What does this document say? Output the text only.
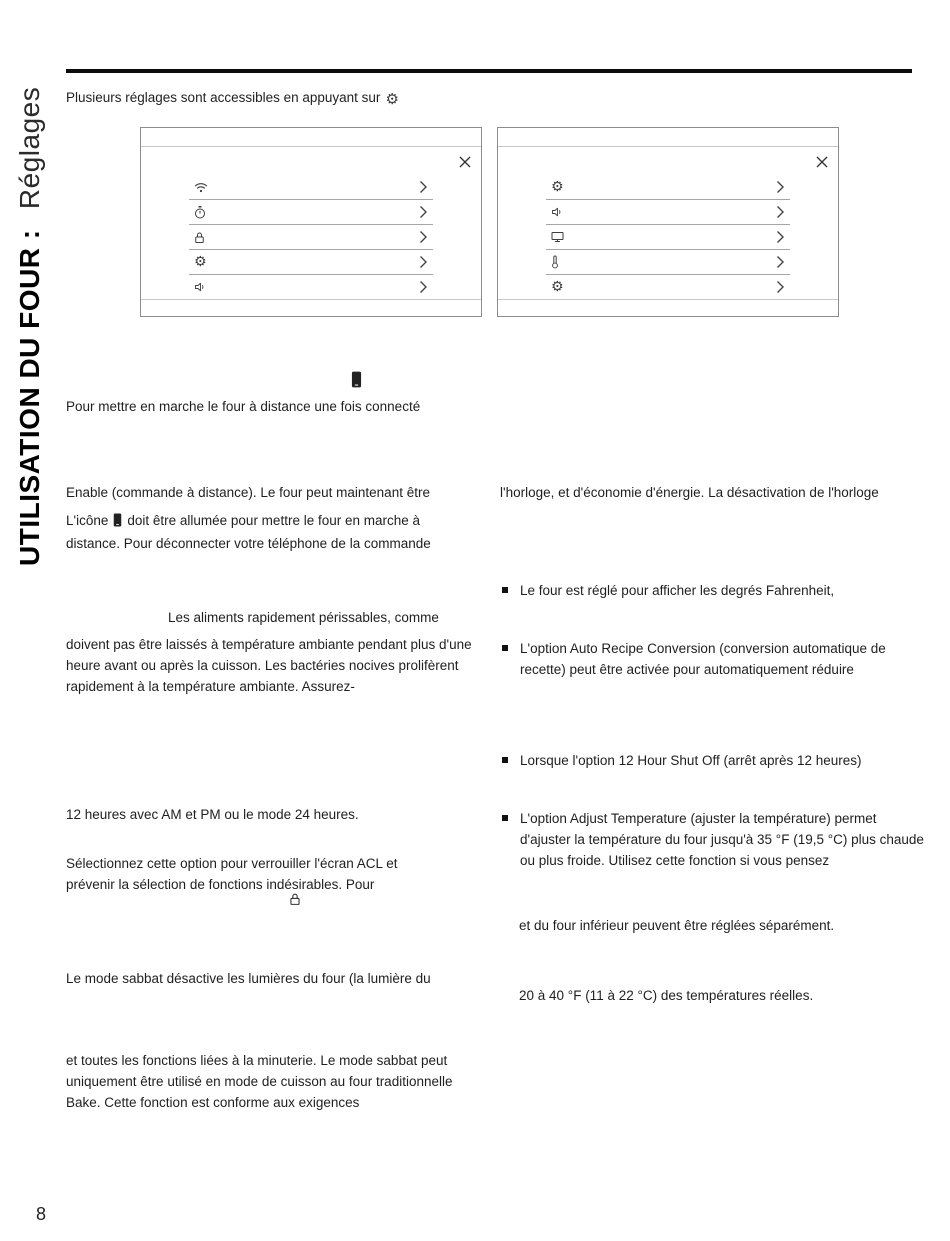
UTILISATION DU FOUR : Réglages Plusieurs réglages sont accessibles en appuyant sur ⚙
⚙
⚙
⚙
Pour mettre en marche le four à distance une fois connecté
Enable (commande à distance). Le four peut maintenant être
L'icône doit être allumée pour mettre le four en marche à distance. Pour déconnecter votre téléphone de la commande
Les aliments rapidement périssables, comme
doivent pas être laissés à température ambiante pendant plus d'une heure avant ou après la cuisson. Les bactéries nocives prolifèrent rapidement à la température ambiante. Assurez-
12 heures avec AM et PM ou le mode 24 heures.
Sélectionnez cette option pour verrouiller l'écran ACL et prévenir la sélection de fonctions indésirables. Pour
Le mode sabbat désactive les lumières du four (la lumière du
et toutes les fonctions liées à la minuterie. Le mode sabbat peut uniquement être utilisé en mode de cuisson au four traditionnelle Bake. Cette fonction est conforme aux exigences
l'horloge, et d'économie d'énergie. La désactivation de l'horloge
Le four est réglé pour afficher les degrés Fahrenheit,
L'option Auto Recipe Conversion (conversion automatique de recette) peut être activée pour automatiquement réduire
Lorsque l'option 12 Hour Shut Off (arrêt après 12 heures)
L'option Adjust Temperature (ajuster la température) permet d'ajuster la température du four jusqu'à 35 °F (19,5 °C) plus chaude ou plus froide. Utilisez cette fonction si vous pensez
et du four inférieur peuvent être réglées séparément.
20 à 40 °F (11 à 22 °C) des températures réelles.
8
